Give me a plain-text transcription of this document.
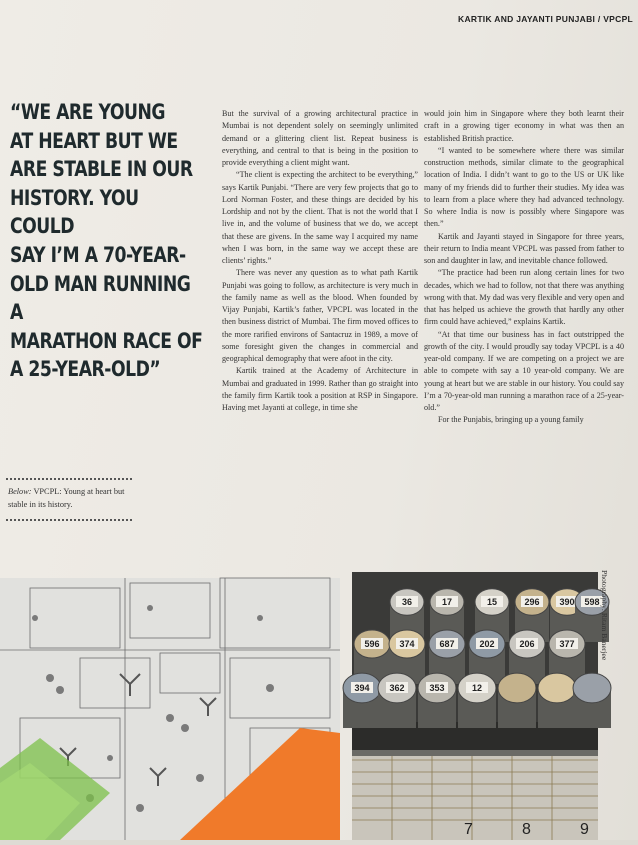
KARTIK AND JAYANTI PUNJABI / VPCPL
“WE ARE YOUNG
AT HEART BUT WE
ARE STABLE IN OUR
HISTORY. YOU COULD
SAY I’M A 70-YEAR-
OLD MAN RUNNING A
MARATHON RACE OF
A 25-YEAR-OLD”
Below: VPCPL: Young at heart but stable in its history.

But the survival of a growing architectural practice in Mumbai is not dependent solely on seemingly unlimited demand or a glittering client list. Repeat business is everything, and central to that is being in the position to provide everything a client might want.

“The client is expecting the architect to be everything,” says Kartik Punjabi. “There are very few projects that go to Lord Norman Foster, and these things are decided by his Lordship and not by the client. That is not the world that I live in, and the volume of business that we do, we accept that these are givens. In the same way I acquired my name when I was born, in the same way we accept these are clients’ rights.”

There was never any question as to what path Kartik Punjabi was going to follow, as architecture is very much in the family name as well as the blood. When founded by Vijay Punjabi, Kartik’s father, VPCPL was located in the then business district of Mumbai. The firm moved offices to the more rarified environs of Santacruz in 1989, a move of some foresight given the changes in commercial and geographical demography that were afoot in the city.

Kartik trained at the Academy of Architecture in Mumbai and graduated in 1999. Rather than go straight into the family firm Kartik took a position at RSP in Singapore. Having met Jayanti at college, in time she

would join him in Singapore where they both learnt their craft in a growing tiger economy in what was then an established British practice.

“I wanted to be somewhere where there was similar construction methods, similar climate to the geographical location of India. I didn’t want to go to the US or UK like many of my friends did to further their studies. My idea was to learn from a place where they had advanced technology. So where India is now is possibly where Singapore was then.”

Kartik and Jayanti stayed in Singapore for three years, their return to India meant VPCPL was passed from father to son and daughter in law, and inevitable chance followed.

“The practice had been run along certain lines for two decades, which we had to follow, not that there was anything wrong with that. My dad was very flexible and very open and that has helped us achieve the growth that hardly any other firm could have achieved,” explains Kartik.

“At that time our business has in fact outstripped the growth of the city. I would proudly say today VPCPL is a 40 year-old company. If we are competing on a project we are able to compete with say a 10 year-old company. We are young at heart but we are stable in our history. You could say I’m a 70-year-old man running a marathon race of a 25-year-old.”

For the Punjabis, bringing up a young family

36	17	15	296 390 598
596 374	687	202	206	377
394 362	353	12
7	8	9
Photography: Ritam Banerjee
